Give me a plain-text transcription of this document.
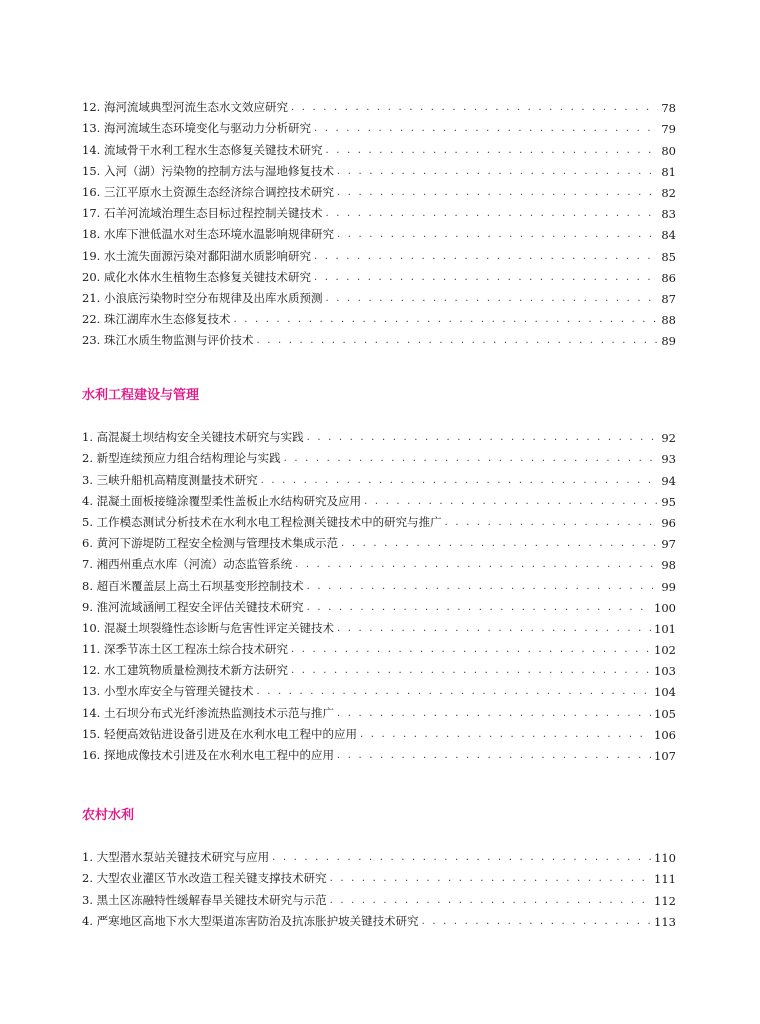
12. 海河流域典型河流生态水文效应研究 . . .	78
13. 海河流域生态环境变化与驱动力分析研究 . . .	79
14. 流域骨干水利工程水生态修复关键技术研究 . . .	80
15. 入河（湖）污染物的控制方法与湿地修复技术 . . .	81
16. 三江平原水土资源生态经济综合调控技术研究 . . .	82
17. 石羊河流域治理生态目标过程控制关键技术 . . .	83
18. 水库下泄低温水对生态环境水温影响规律研究 . . .	84
19. 水土流失面源污染对鄱阳湖水质影响研究 . . .	85
20. 咸化水体水生植物生态修复关键技术研究 . . .	86
21. 小浪底污染物时空分布规律及出库水质预测 . . .	87
22. 珠江湖库水生态修复技术 . . .	88
23. 珠江水质生物监测与评价技术 . . .	89
水利工程建设与管理
1. 高混凝土坝结构安全关键技术研究与实践 . . .	92
2. 新型连续预应力组合结构理论与实践 . . .	93
3. 三峡升船机高精度测量技术研究 . . .	94
4. 混凝土面板接缝涂覆型柔性盖板止水结构研究及应用 . . .	95
5. 工作模态测试分析技术在水利水电工程检测关键技术中的研究与推广 . . .	96
6. 黄河下游堤防工程安全检测与管理技术集成示范 . . .	97
7. 湘西州重点水库（河流）动态监管系统 . . .	98
8. 超百米覆盖层上高土石坝基变形控制技术 . . .	99
9. 淮河流域涵闸工程安全评估关键技术研究 . . .	100
10. 混凝土坝裂缝性态诊断与危害性评定关键技术 . . .	101
11. 深季节冻土区工程冻土综合技术研究 . . .	102
12. 水工建筑物质量检测技术新方法研究 . . .	103
13. 小型水库安全与管理关键技术 . . .	104
14. 土石坝分布式光纤渗流热监测技术示范与推广 . . .	105
15. 轻便高效钻进设备引进及在水利水电工程中的应用 . . .	106
16. 探地成像技术引进及在水利水电工程中的应用 . . .	107
农村水利
1. 大型潜水泵站关键技术研究与应用 . . .	110
2. 大型农业灌区节水改造工程关键支撑技术研究 . . .	111
3. 黑土区冻融特性缓解春旱关键技术研究与示范 . . .	112
4. 严寒地区高地下水大型渠道冻害防治及抗冻胀护坡关键技术研究 . . .	113
